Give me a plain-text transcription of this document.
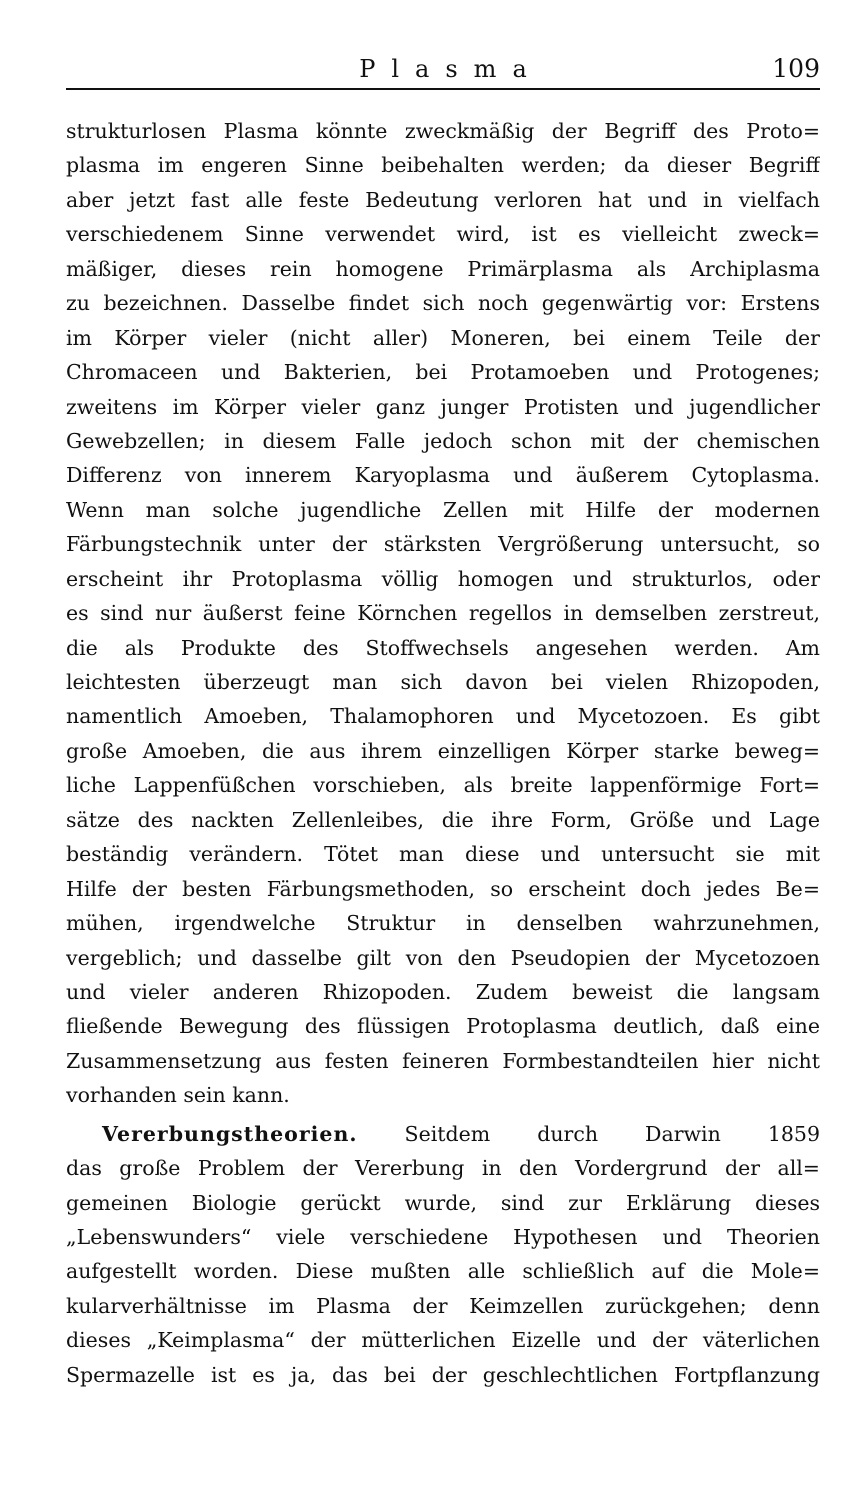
Plasma	109
strukturlosen Plasma könnte zweckmäßig der Begriff des Proto=
plasma im engeren Sinne beibehalten werden; da dieser Begriff
aber jetzt fast alle feste Bedeutung verloren hat und in vielfach
verschiedenem Sinne verwendet wird, ist es vielleicht zweck=
mäßiger, dieses rein homogene Primärplasma als Archiplasma
zu bezeichnen. Dasselbe findet sich noch gegenwärtig vor: Erstens
im Körper vieler (nicht aller) Moneren, bei einem Teile der
Chromaceen und Bakterien, bei Protamoeben und Protogenes;
zweitens im Körper vieler ganz junger Protisten und jugendlicher
Gewebzellen; in diesem Falle jedoch schon mit der chemischen
Differenz von innerem Karyoplasma und äußerem Cytoplasma.
Wenn man solche jugendliche Zellen mit Hilfe der modernen
Färbungstechnik unter der stärksten Vergrößerung untersucht, so
erscheint ihr Protoplasma völlig homogen und strukturlos, oder
es sind nur äußerst feine Körnchen regellos in demselben zerstreut,
die als Produkte des Stoffwechsels angesehen werden. Am
leichtesten überzeugt man sich davon bei vielen Rhizopoden,
namentlich Amoeben, Thalamophoren und Mycetozoen. Es gibt
große Amoeben, die aus ihrem einzelligen Körper starke beweg=
liche Lappenfüßchen vorschieben, als breite lappenförmige Fort=
sätze des nackten Zellenleibes, die ihre Form, Größe und Lage
beständig verändern. Tötet man diese und untersucht sie mit
Hilfe der besten Färbungsmethoden, so erscheint doch jedes Be=
mühen, irgendwelche Struktur in denselben wahrzunehmen,
vergeblich; und dasselbe gilt von den Pseudopien der Mycetozoen
und vieler anderen Rhizopoden. Zudem beweist die langsam
fließende Bewegung des flüssigen Protoplasma deutlich, daß eine
Zusammensetzung aus festen feineren Formbestandteilen hier nicht
vorhanden sein kann.
Vererbungstheorien. Seitdem durch Darwin 1859
das große Problem der Vererbung in den Vordergrund der all=
gemeinen Biologie gerückt wurde, sind zur Erklärung dieses
„Lebenswunders“ viele verschiedene Hypothesen und Theorien
aufgestellt worden. Diese mußten alle schließlich auf die Mole=
kularverhältnisse im Plasma der Keimzellen zurückgehen; denn
dieses „Keimplasma“ der mütterlichen Eizelle und der väterlichen
Spermazelle ist es ja, das bei der geschlechtlichen Fortpflanzung
